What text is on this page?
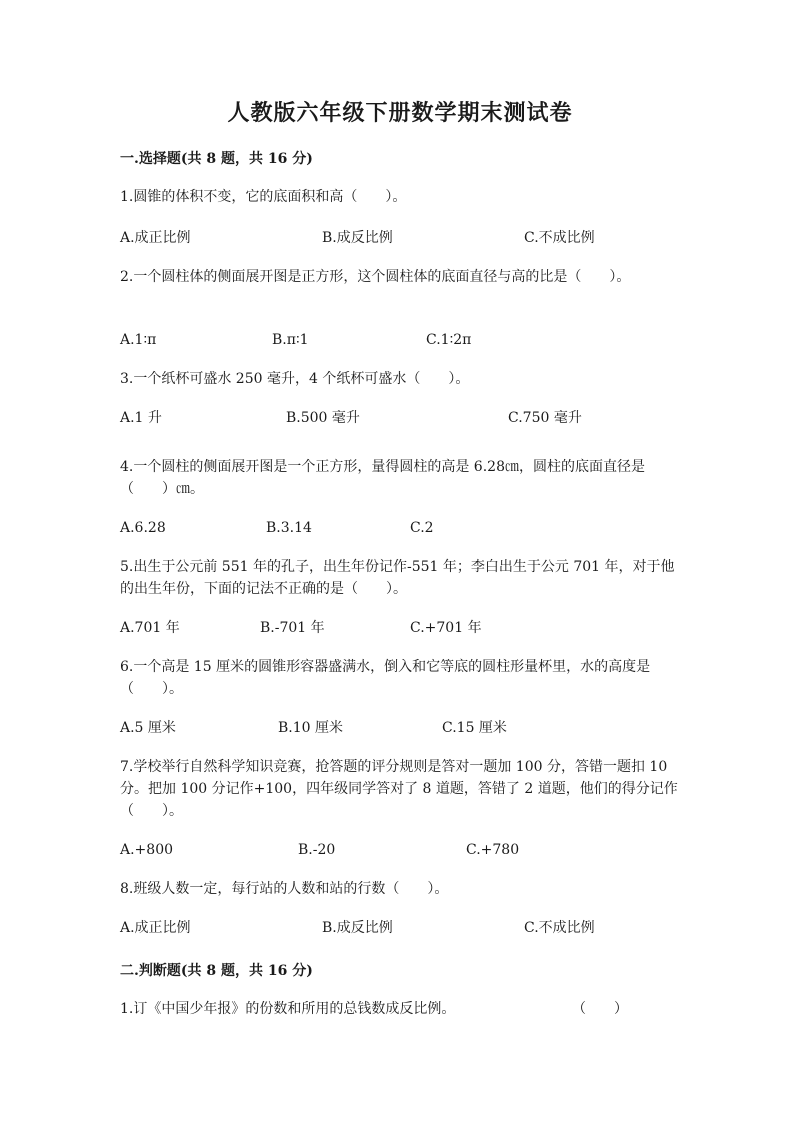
人教版六年级下册数学期末测试卷
一.选择题(共 8 题，共 16 分)
1.圆锥的体积不变，它的底面积和高（　　）。
A.成正比例	B.成反比例	C.不成比例
2.一个圆柱体的侧面展开图是正方形，这个圆柱体的底面直径与高的比是（　　）。
A.1∶π	B.π∶1	C.1∶2π
3.一个纸杯可盛水 250 毫升，4 个纸杯可盛水（　　）。
A.1 升	B.500 毫升	C.750 毫升
4.一个圆柱的侧面展开图是一个正方形，量得圆柱的高是 6.28㎝，圆柱的底面直径是（　　）㎝。
A.6.28	B.3.14	C.2
5.出生于公元前 551 年的孔子，出生年份记作-551 年；李白出生于公元 701 年，对于他的出生年份，下面的记法不正确的是（　　）。
A.701 年	B.-701 年	C.+701 年
6.一个高是 15 厘米的圆锥形容器盛满水，倒入和它等底的圆柱形量杯里，水的高度是（　　）。
A.5 厘米	B.10 厘米	C.15 厘米
7.学校举行自然科学知识竞赛，抢答题的评分规则是答对一题加 100 分，答错一题扣 10 分。把加 100 分记作+100，四年级同学答对了 8 道题，答错了 2 道题，他们的得分记作（　　）。
A.+800	B.-20	C.+780
8.班级人数一定，每行站的人数和站的行数（　　）。
A.成正比例	B.成反比例	C.不成比例
二.判断题(共 8 题，共 16 分)
1.订《中国少年报》的份数和所用的总钱数成反比例。	（　　）
